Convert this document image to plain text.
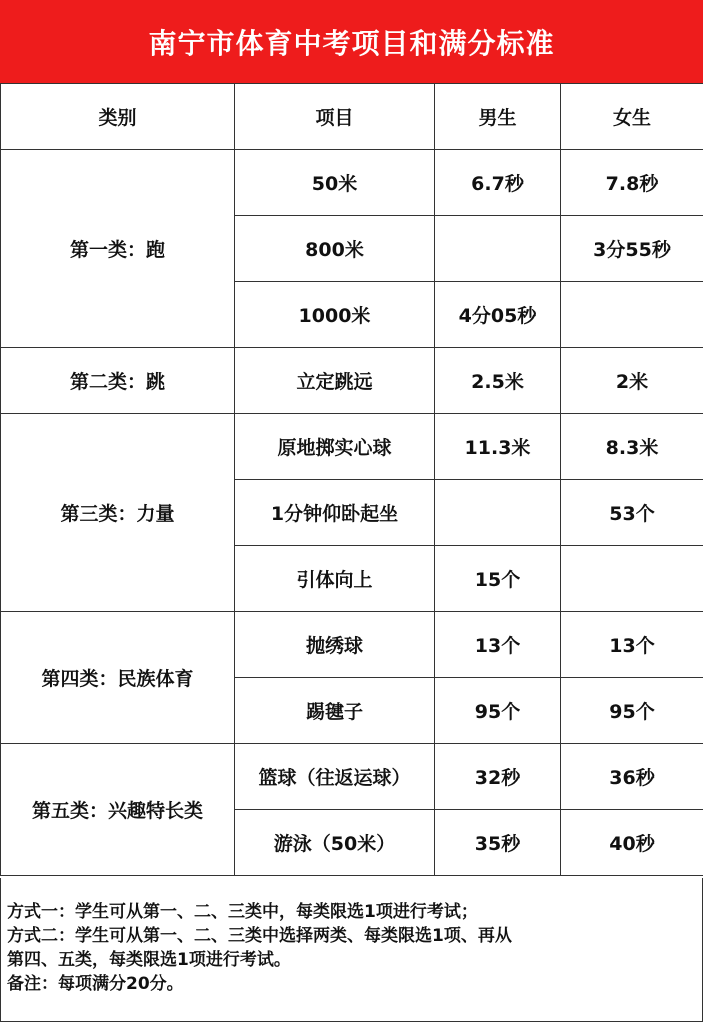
南宁市体育中考项目和满分标准
类别	项目	男生	女生
第一类：跑	50米	6.7秒	7.8秒
	800米		3分55秒
	1000米	4分05秒	
第二类：跳	立定跳远	2.5米	2米
第三类：力量	原地掷实心球	11.3米	8.3米
	1分钟仰卧起坐		53个
	引体向上	15个	
第四类：民族体育	抛绣球	13个	13个
	踢毽子	95个	95个
第五类：兴趣特长类	篮球（往返运球）	32秒	36秒
	游泳（50米）	35秒	40秒

方式一：学生可从第一、二、三类中，每类限选1项进行考试；

方式二：学生可从第一、二、三类中选择两类、每类限选1项、再从

第四、五类，每类限选1项进行考试。

备注：每项满分20分。
